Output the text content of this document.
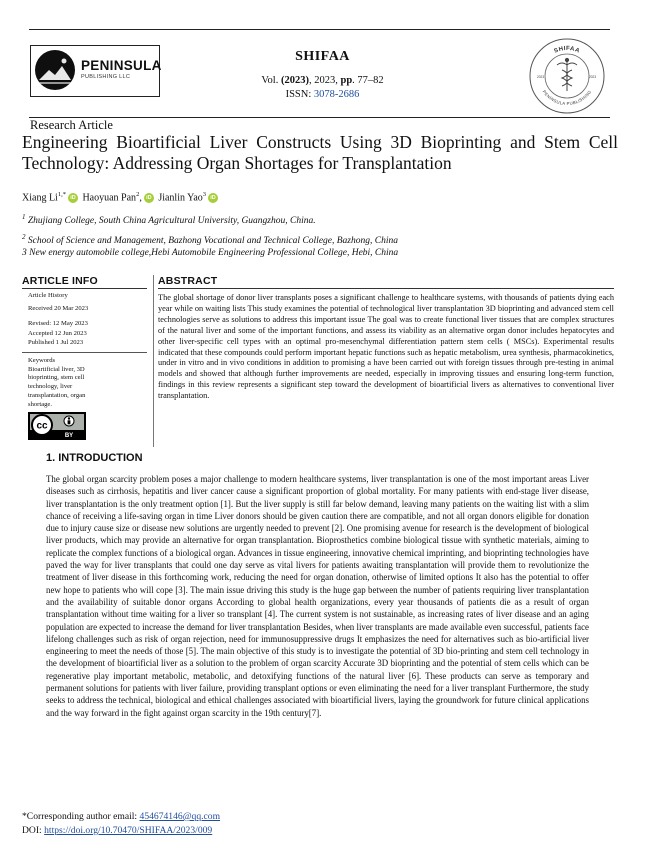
PENINSULA
PUBLISHING LLC
SHIFAA
Vol. (2023), 2023, pp. 77–82
ISSN: 3078-2686
SHIFAA
PENINSULA PUBLISHING
2023	2023
Research Article
Engineering Bioartificial Liver Constructs Using 3D Bioprinting and Stem Cell Technology: Addressing Organ Shortages for Transplantation
Xiang $Li^{1,*}iD$ Haoyuan Pan$^2$, iD Jianlin Yao$^3$iD
$^1$ Zhujiang College, South China Agricultural University, Guangzhou, China.
$^2$ School of Science and Management, Bazhong Vocational and Technical College, Bazhong, China
3 New energy automobile college,Hebi Automobile Engineering Professional College, Hebi, China
ARTICLE INFO
Article History
Received 20 Mar 2023
Revised: 12 May 2023
Accepted 12 Jun 2023
Published 1 Jul 2023
Keywords
Bioartificial liver, 3D
bioprinting, stem cell
technology, liver
transplantation, organ
shortage.
cc
BY
ABSTRACT
The global shortage of donor liver transplants poses a significant challenge to healthcare systems, with thousands of patients dying each year while on waiting lists This study examines the potential of technological liver transplantation 3D bioprinting and advanced stem cell technologies serve as solutions to address this important issue The goal was to create functional liver tissues that are complex structures of the natural liver and some of the important functions, and assess its viability as an alternative organ donor includes hepatocytes and other liver-specific cell types with an optimal pro-mesenchymal differentiation pattern stem cells ( MSCs). Experimental results indicated that these compounds could perform important hepatic functions such as hepatic metabolism, urea synthesis, pharmacokinetics, under in vitro and in vivo conditions in addition to promising a have been carried out with foreign tissues through pre-testing in animal models and showed that although further improvements are needed, especially in improving tissues and ensuring long-term function, findings in this review represents a significant step toward the development of bioartificial livers as alternatives to conventional liver transplantation.
1. INTRODUCTION
The global organ scarcity problem poses a major challenge to modern healthcare systems, liver transplantation is one of the most important areas Liver diseases such as cirrhosis, hepatitis and liver cancer cause a significant proportion of global mortality. For many patients with end-stage liver disease, liver transplantation is the only treatment option [1]. But the liver supply is still far below demand, leaving many patients on the waiting list with a slim chance of receiving a life-saving organ in time Liver donors should be given caution there are compatible, and not all organ donors eligible for donation due to injury cause size or disease new solutions are urgently needed to prevent [2]. One promising avenue for research is the development of biological liver products, which may provide an alternative for organ transplantation. Bioprosthetics combine biological tissue with synthetic materials, aiming to replicate the complex functions of a biological organ. Advances in tissue engineering, innovative chemical imprinting, and bioprinting technologies have paved the way for liver transplants that could one day serve as vital livers for patients awaiting transplantation will provide them to revolutionize the treatment of liver disease in this forthcoming work, reducing the need for organ donation, otherwise of limited options It also has the potential to offer new hope to patients who will cope [3]. The main issue driving this study is the huge gap between the number of patients requiring liver transplantation and the availability of suitable donor organs According to global health organizations, every year thousands of patients die as a result of organ transplantation without time waiting for a liver so transplant [4]. The current system is not sustainable, as increasing rates of liver disease and an aging population are expected to increase the demand for liver transplantation Besides, when liver transplants are made available even successful, patients face lifelong challenges such as risk of organ rejection, need for immunosuppressive drugs It emphasizes the need for alternatives such as bio-artificial liver engineering to meet the needs of those [5]. The main objective of this study is to investigate the potential of 3D bio-printing and stem cell technology in the development of bioartificial liver as a solution to the problem of organ scarcity Accurate 3D bioprinting and the potential of stem cells which can be regenerative play important metabolic, metabolic, and detoxifying functions of the natural liver [6]. These products can serve as temporary and permanent solutions for patients with liver failure, providing transplant options or even eliminating the need for a liver transplant Furthermore, the study seeks to address the technical, biological and ethical challenges associated with bioartificial livers, laying the groundwork for future clinical applications and the way forward in the fight against organ scarcity in the 19th century[7].
*Corresponding author email: 454674146@qq.com
DOI: https://doi.org/10.70470/SHIFAA/2023/009
